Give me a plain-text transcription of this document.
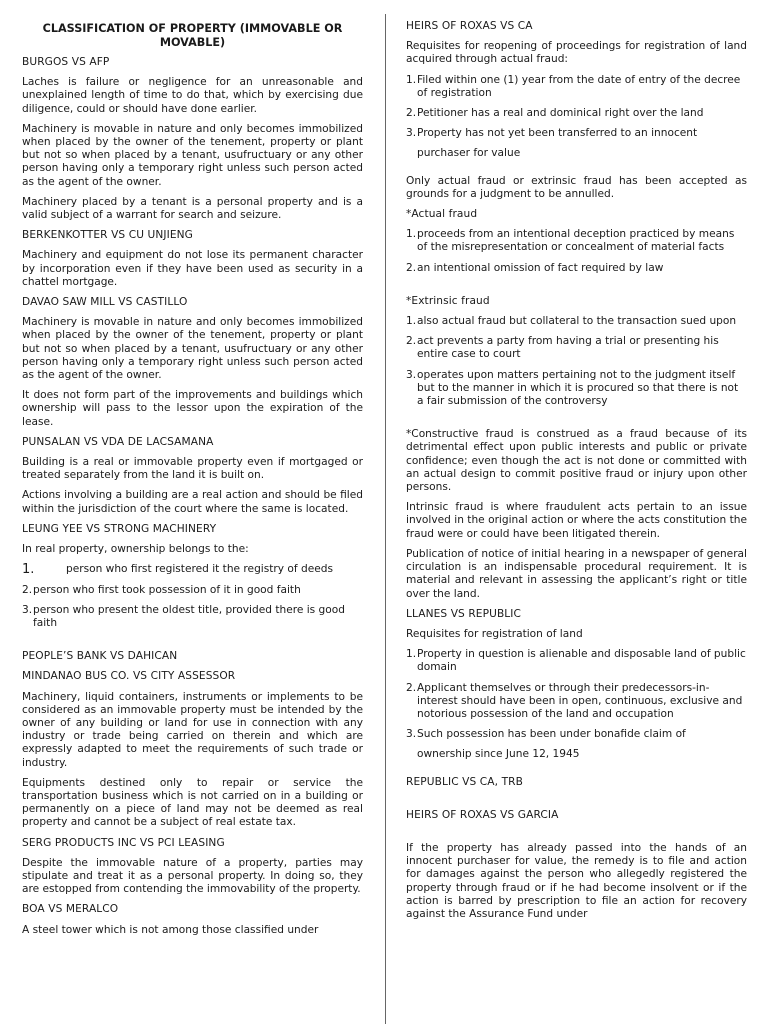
CLASSIFICATION OF PROPERTY (IMMOVABLE OR MOVABLE)
BURGOS VS AFP
Laches is failure or negligence for an unreasonable and unexplained length of time to do that, which by exercising due diligence, could or should have done earlier.
Machinery is movable in nature and only becomes immobilized when placed by the owner of the tenement, property or plant but not so when placed by a tenant, usufructuary or any other person having only a temporary right unless such person acted as the agent of the owner.
Machinery placed by a tenant is a personal property and is a valid subject of a warrant for search and seizure.
BERKENKOTTER VS CU UNJIENG
Machinery and equipment do not lose its permanent character by incorporation even if they have been used as security in a chattel mortgage.
DAVAO SAW MILL VS CASTILLO
Machinery is movable in nature and only becomes immobilized when placed by the owner of the tenement, property or plant but not so when placed by a tenant, usufructuary or any other person having only a temporary right unless such person acted as the agent of the owner.
It does not form part of the improvements and buildings which ownership will pass to the lessor upon the expiration of the lease.
PUNSALAN VS VDA DE LACSAMANA
Building is a real or immovable property even if mortgaged or treated separately from the land it is built on.
Actions involving a building are a real action and should be filed within the jurisdiction of the court where the same is located.
LEUNG YEE VS STRONG MACHINERY
In real property, ownership belongs to the:
1.	person who first registered it the registry of deeds
2. person who first took possession of it in good faith
3. person who present the oldest title, provided there is good faith
PEOPLE’S BANK VS DAHICAN
MINDANAO BUS CO. VS CITY ASSESSOR
Machinery, liquid containers, instruments or implements to be considered as an immovable property must be intended by the owner of any building or land for use in connection with any industry or trade being carried on therein and which are expressly adapted to meet the requirements of such trade or industry.
Equipments destined only to repair or service the transportation business which is not carried on in a building or permanently on a piece of land may not be deemed as real property and cannot be a subject of real estate tax.
SERG PRODUCTS INC VS PCI LEASING
Despite the immovable nature of a property, parties may stipulate and treat it as a personal property. In doing so, they are estopped from contending the immovability of the property.
BOA VS MERALCO
A steel tower which is not among those classified under
HEIRS OF ROXAS VS CA
Requisites for reopening of proceedings for registration of land acquired through actual fraud:
1. Filed within one (1) year from the date of entry of the decree of registration
2. Petitioner has a real and dominical right over the land
3. Property has not yet been transferred to an innocent
purchaser for value
Only actual fraud or extrinsic fraud has been accepted as grounds for a judgment to be annulled.
*Actual fraud
1. proceeds from an intentional deception practiced by means of the misrepresentation or concealment of material facts
2. an intentional omission of fact required by law
*Extrinsic fraud
1. also actual fraud but collateral to the transaction sued upon
2. act prevents a party from having a trial or presenting his entire case to court
3. operates upon matters pertaining not to the judgment itself but to the manner in which it is procured so that there is not a fair submission of the controversy
*Constructive fraud is construed as a fraud because of its detrimental effect upon public interests and public or private confidence; even though the act is not done or committed with an actual design to commit positive fraud or injury upon other persons.
Intrinsic fraud is where fraudulent acts pertain to an issue involved in the original action or where the acts constitution the fraud were or could have been litigated therein.
Publication of notice of initial hearing in a newspaper of general circulation is an indispensable procedural requirement. It is material and relevant in assessing the applicant’s right or title over the land.
LLANES VS REPUBLIC
Requisites for registration of land
1. Property in question is alienable and disposable land of public domain
2. Applicant themselves or through their predecessors-in-interest should have been in open, continuous, exclusive and notorious possession of the land and occupation
3. Such possession has been under bonafide claim of
ownership since June 12, 1945
REPUBLIC VS CA, TRB
HEIRS OF ROXAS VS GARCIA
If the property has already passed into the hands of an innocent purchaser for value, the remedy is to file and action for damages against the person who allegedly registered the property through fraud or if he had become insolvent or if the action is barred by prescription to file an action for recovery against the Assurance Fund under
